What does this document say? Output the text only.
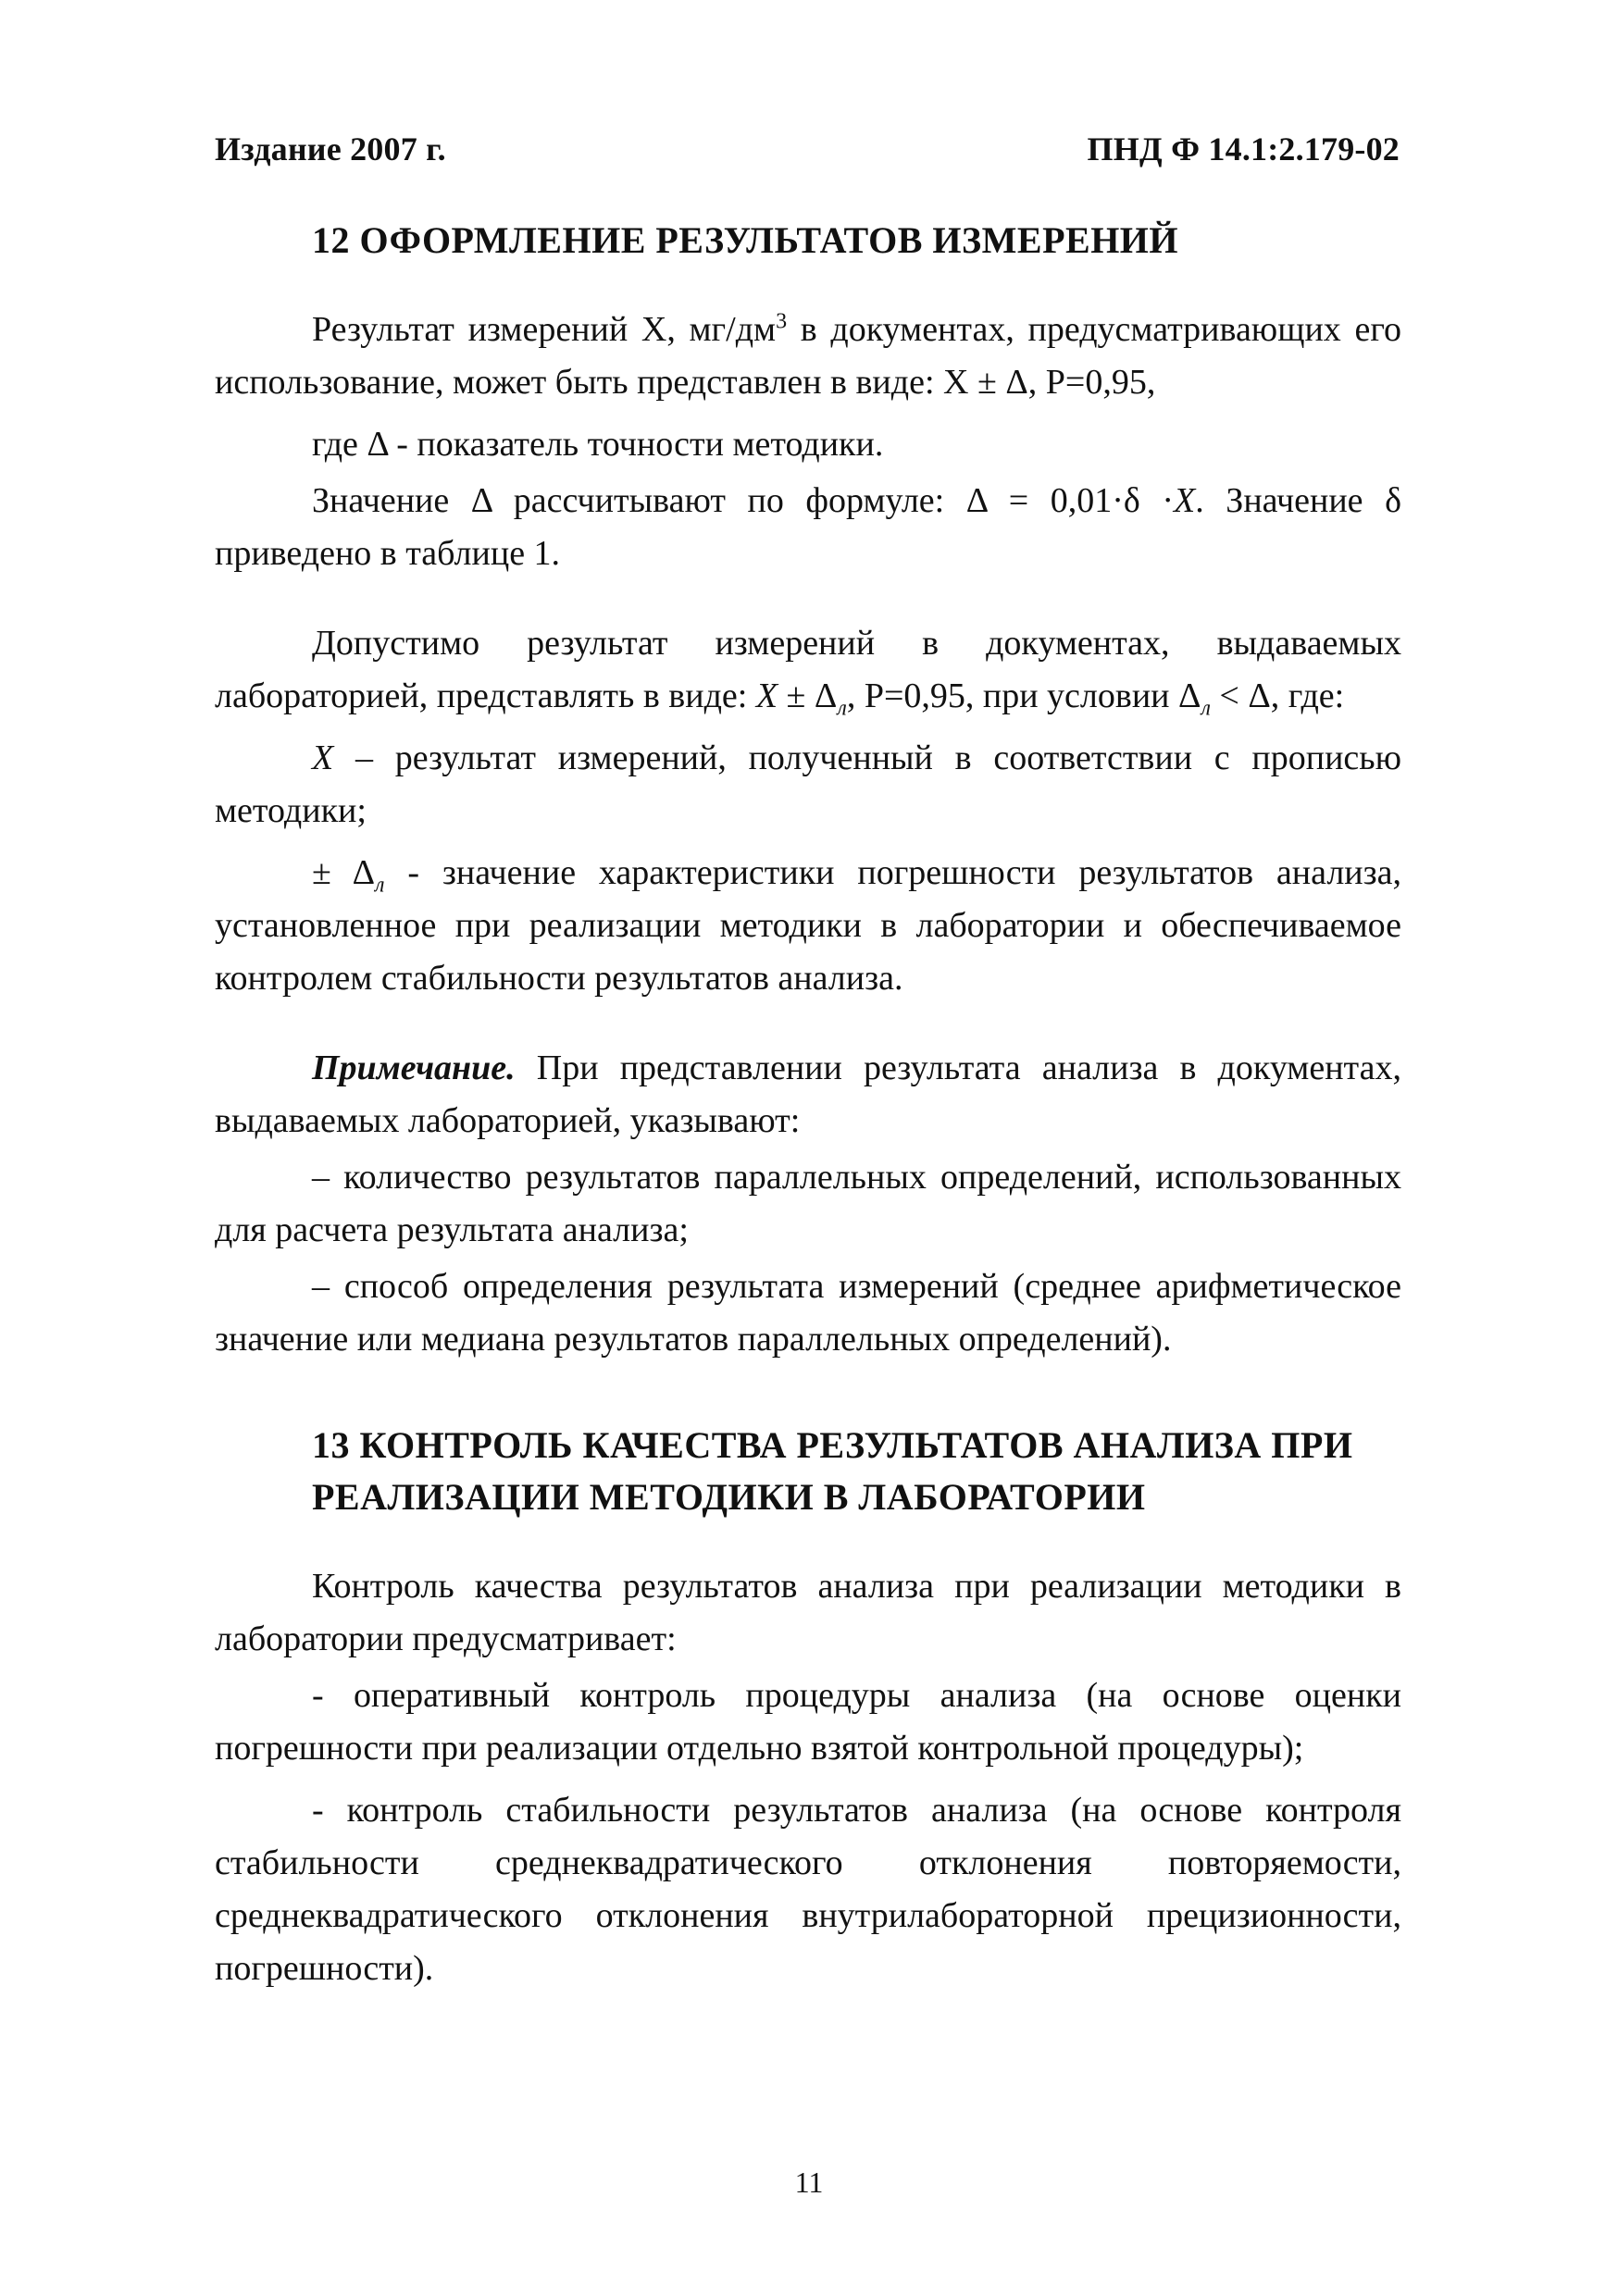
Издание 2007 г.	ПНД Ф 14.1:2.179-02
12 ОФОРМЛЕНИЕ РЕЗУЛЬТАТОВ ИЗМЕРЕНИЙ

Результат измерений Х, $мг/дм^3$ в документах, предусматривающих его использование, может быть представлен в виде: Х ± Δ, Р=0,95,

где Δ - показатель точности методики.

Значение Δ рассчитывают по формуле: Δ = 0,01·δ ·X. Значение δ приведено в таблице 1.

Допустимо результат измерений в документах, выдаваемых лабораторией, представлять в виде: $X \pm \Delta_л$, Р=0,95, при условии $\Delta_л < \Delta$, где:

X – результат измерений, полученный в соответствии с прописью методики;

± $\Delta_л$ - значение характеристики погрешности результатов анализа, установленное при реализации методики в лаборатории и обеспечиваемое контролем стабильности результатов анализа.

Примечание. При представлении результата анализа в документах, выдаваемых лабораторией, указывают:

– количество результатов параллельных определений, использованных для расчета результата анализа;

– способ определения результата измерений (среднее арифметическое значение или медиана результатов параллельных определений).

13 КОНТРОЛЬ КАЧЕСТВА РЕЗУЛЬТАТОВ АНАЛИЗА ПРИ
РЕАЛИЗАЦИИ МЕТОДИКИ В ЛАБОРАТОРИИ

Контроль качества результатов анализа при реализации методики в лаборатории предусматривает:

- оперативный контроль процедуры анализа (на основе оценки погрешности при реализации отдельно взятой контрольной процедуры);

- контроль стабильности результатов анализа (на основе контроля стабильности среднеквадратического отклонения повторяемости, среднеквадратического отклонения внутрилабораторной прецизионности, погрешности).

11
